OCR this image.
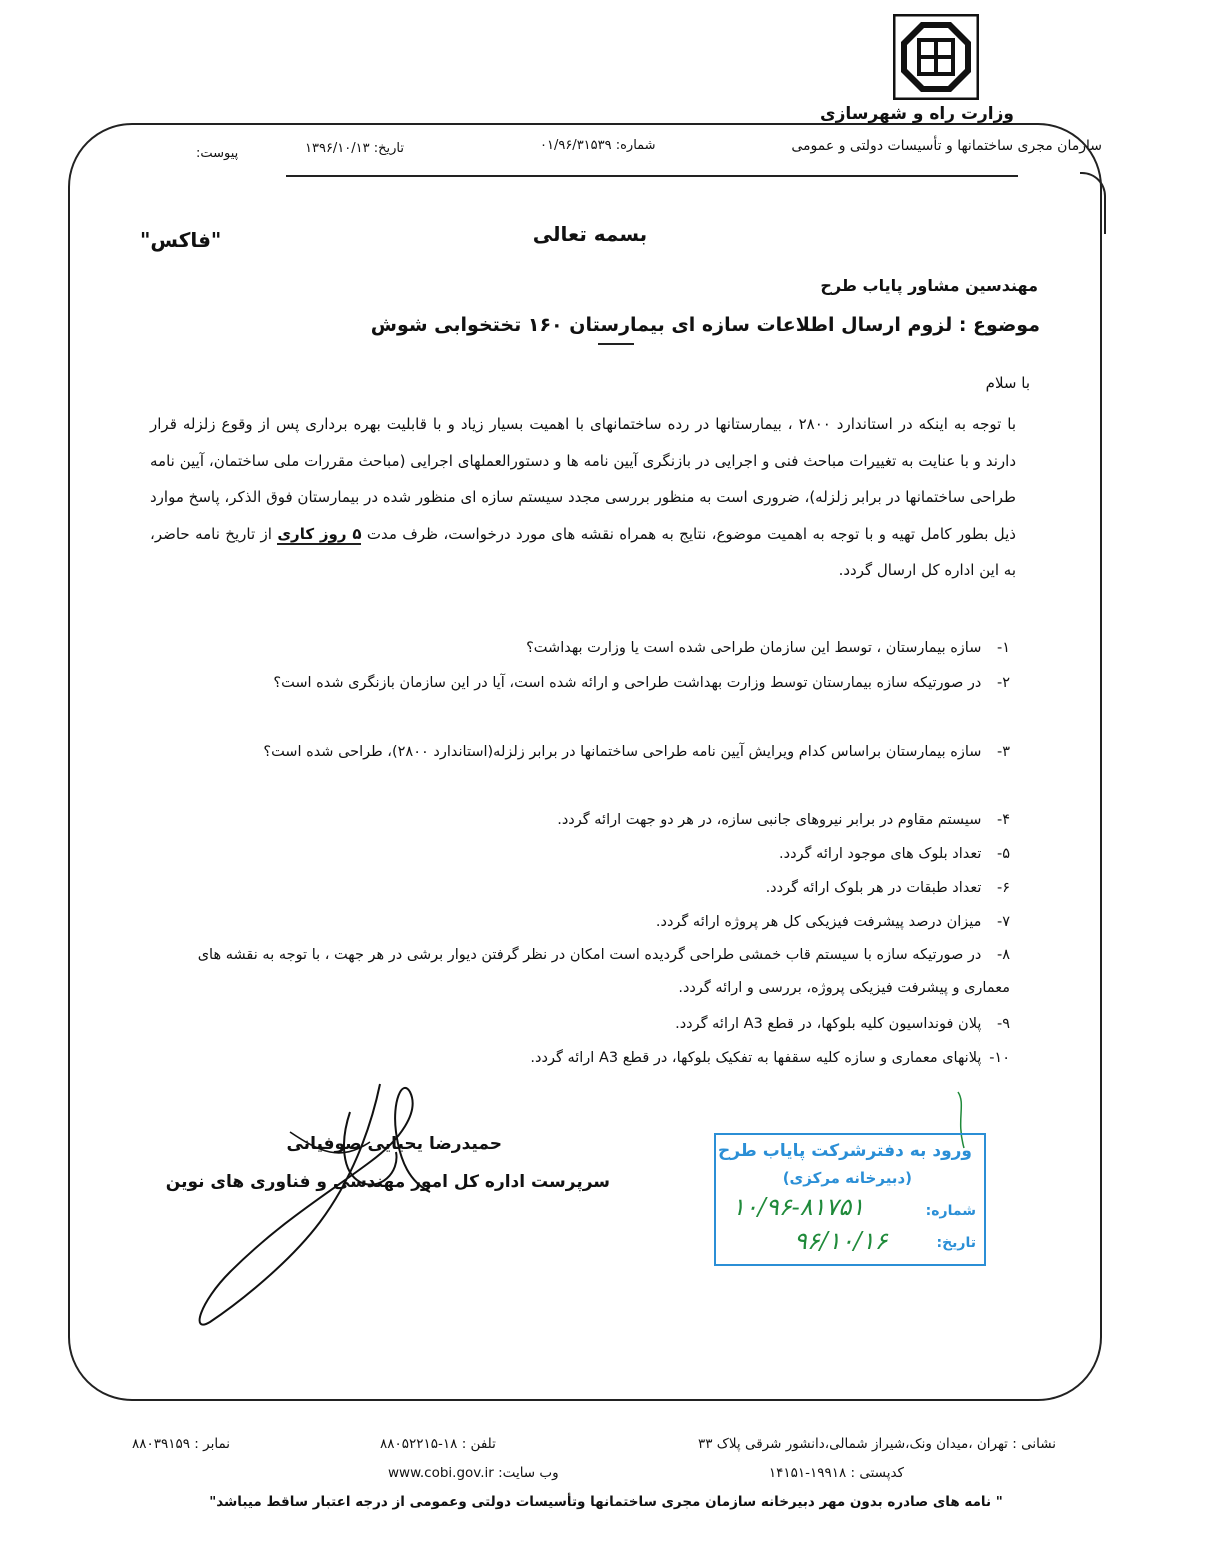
وزارت راه و شهرسازی
سازمان مجری ساختمانها و تأسیسات دولتی و عمومی
شماره: ۰۱/۹۶/۳۱۵۳۹
تاریخ: ۱۳۹۶/۱۰/۱۳
پیوست:
بسمه تعالی
"فاکس"
مهندسین مشاور پایاب طرح
موضوع : لزوم ارسال اطلاعات سازه ای بیمارستان ۱۶۰ تختخوابی شوش
با سلام
با توجه به اینکه در استاندارد ۲۸۰۰ ، بیمارستانها در رده ساختمانهای با اهمیت بسیار زیاد و با قابلیت بهره برداری پس از وقوع زلزله قرار دارند و با عنایت به تغییرات مباحث فنی و اجرایی در بازنگری آیین نامه ها و دستورالعملهای اجرایی (مباحث مقررات ملی ساختمان، آیین نامه طراحی ساختمانها در برابر زلزله)، ضروری است به منظور بررسی مجدد سیستم سازه ای منظور شده در بیمارستان فوق الذکر، پاسخ موارد ذیل بطور کامل تهیه و با توجه به اهمیت موضوع، نتایج به همراه نقشه های مورد درخواست، ظرف مدت ۵ روز کاری از تاریخ نامه حاضر، به این اداره کل ارسال گردد.
۱- سازه بیمارستان ، توسط این سازمان طراحی شده است یا وزارت بهداشت؟
۲- در صورتیکه سازه بیمارستان توسط وزارت بهداشت طراحی و ارائه شده است، آیا در این سازمان بازنگری شده است؟
۳- سازه بیمارستان براساس کدام ویرایش آیین نامه طراحی ساختمانها در برابر زلزله(استاندارد ۲۸۰۰)، طراحی شده است؟
۴- سیستم مقاوم در برابر نیروهای جانبی سازه، در هر دو جهت ارائه گردد.
۵- تعداد بلوک های موجود ارائه گردد.
۶- تعداد طبقات در هر بلوک ارائه گردد.
۷- میزان درصد پیشرفت فیزیکی کل هر پروژه ارائه گردد.
۸- در صورتیکه سازه با سیستم قاب خمشی طراحی گردیده است امکان در نظر گرفتن دیوار برشی در هر جهت ، با توجه به نقشه های معماری و پیشرفت فیزیکی پروژه، بررسی و ارائه گردد.
۹- پلان فونداسیون کلیه بلوکها، در قطع A3 ارائه گردد.
۱۰- پلانهای معماری و سازه کلیه سقفها به تفکیک بلوکها، در قطع A3 ارائه گردد.
حمیدرضا یحیایی صوفیانی
سرپرست اداره کل امور مهندسی و فناوری های نوین
ورود به دفترشرکت پایاب طرح
(دبیرخانه مرکزی)
شماره:
تاریخ:
۱۰/۹۶-۸۱۷۵۱
۹۶/۱۰/۱۶
نشانی : تهران ،میدان ونک،شیراز شمالی،دانشور شرقی پلاک ۳۳
تلفن : ۱۸-۸۸۰۵۲۲۱۵
نمابر : ۸۸۰۳۹۱۵۹
کدپستی : ۱۹۹۱۸-۱۴۱۵۱
وب سایت: www.cobi.gov.ir
" نامه های صادره بدون مهر دبیرخانه سازمان مجری ساختمانها وتأسیسات دولتی وعمومی از درجه اعتبار ساقط میباشد"
